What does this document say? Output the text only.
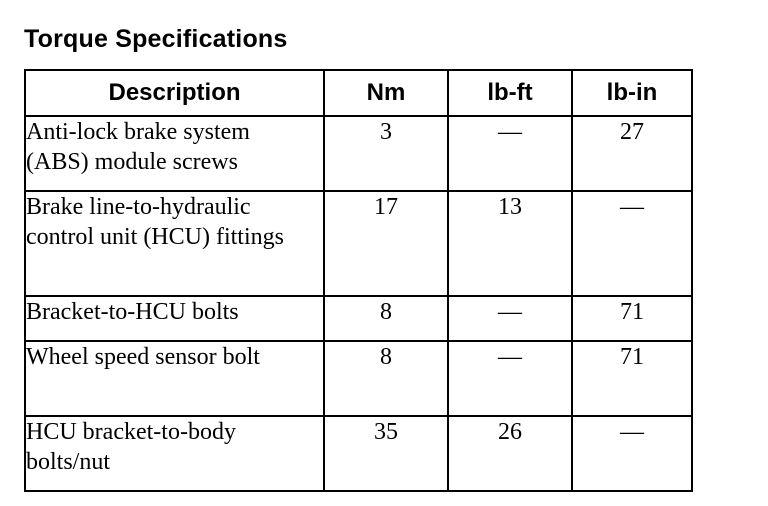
Torque Specifications
Description	Nm	lb-ft	lb-in
Anti-lock brake system (ABS) module screws	3	—	27
Brake line-to-hydraulic control unit (HCU) fittings	17	13	—
Bracket-to-HCU bolts	8	—	71
Wheel speed sensor bolt	8	—	71
HCU bracket-to-body bolts/nut	35	26	—
